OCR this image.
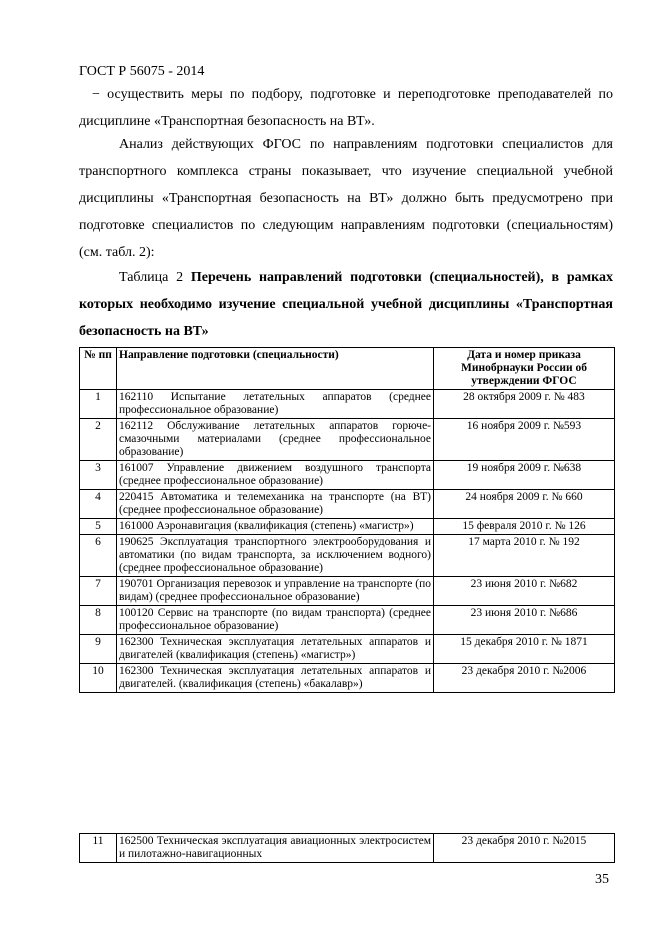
ГОСТ Р 56075 - 2014
− осуществить меры по подбору, подготовке и переподготовке преподавателей по дисциплине «Транспортная безопасность на ВТ».
Анализ действующих ФГОС по направлениям подготовки специалистов для транспортного комплекса страны показывает, что изучение специальной учебной дисциплины «Транспортная безопасность на ВТ» должно быть предусмотрено при подготовке специалистов по следующим направлениям подготовки (специальностям) (см. табл. 2):
Таблица 2 Перечень направлений подготовки (специальностей), в рамках которых необходимо изучение специальной учебной дисциплины «Транспортная безопасность на ВТ»
№ пп	Направление подготовки (специальности)	Дата и номер приказа Минобрнауки России об утверждении ФГОС
1	162110 Испытание летательных аппаратов (среднее профессиональное образование)	28 октября 2009 г. № 483
2	162112 Обслуживание летательных аппаратов горюче-смазочными материалами (среднее профессиональное образование)	16 ноября 2009 г. №593
3	161007 Управление движением воздушного транспорта (среднее профессиональное образование)	19 ноября 2009 г. №638
4	220415 Автоматика и телемеханика на транспорте (на ВТ) (среднее профессиональное образование)	24 ноября 2009 г. № 660
5	161000 Аэронавигация (квалификация (степень) «магистр»)	15 февраля 2010 г. № 126
6	190625 Эксплуатация транспортного электрооборудования и автоматики (по видам транспорта, за исключением водного) (среднее профессиональное образование)	17 марта 2010 г. № 192
7	190701 Организация перевозок и управление на транспорте (по видам) (среднее профессиональное образование)	23 июня 2010 г. №682
8	100120 Сервис на транспорте (по видам транспорта) (среднее профессиональное образование)	23 июня 2010 г. №686
9	162300 Техническая эксплуатация летательных аппаратов и двигателей (квалификация (степень) «магистр»)	15 декабря 2010 г. № 1871
10	162300 Техническая эксплуатация летательных аппаратов и двигателей. (квалификация (степень) «бакалавр»)	23 декабря 2010 г. №2006
11	162500 Техническая эксплуатация авиационных электросистем и пилотажно-навигационных	23 декабря 2010 г. №2015
35
